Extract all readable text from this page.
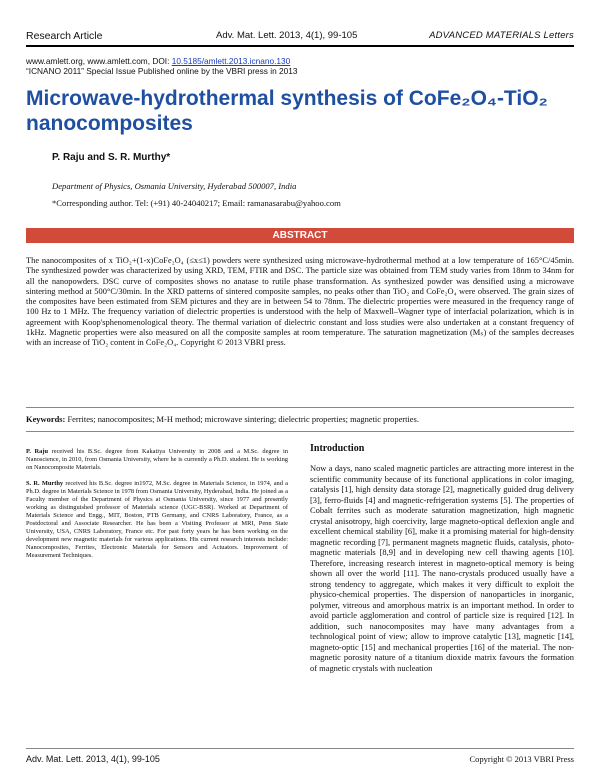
Research Article	Adv. Mat. Lett. 2013, 4(1), 99-105	ADVANCED MATERIALS Letters
www.amlett.org, www.amlett.com, DOI: 10.5185/amlett.2013.icnano.130
“ICNANO 2011” Special Issue Published online by the VBRI press in 2013
Microwave-hydrothermal synthesis of CoFe₂O₄-TiO₂ nanocomposites
P. Raju and S. R. Murthy*
Department of Physics, Osmania University, Hyderabad 500007, India
*Corresponding author. Tel: (+91) 40-24040217; Email: ramanasarabu@yahoo.com
ABSTRACT
The nanocomposites of x TiO₂+(1-x)CoFe₂O₄ (≤x≤1) powders were synthesized using microwave-hydrothermal method at a low temperature of 165°C/45min. The synthesized powder was characterized by using XRD, TEM, FTIR and DSC. The particle size was obtained from TEM study varies from 18nm to 34nm for all the nanopowders. DSC curve of composites shows no anatase to rutile phase transformation. As synthesized powder was densified using a microwave sintering method at 500°C/30min. In the XRD patterns of sintered composite samples, no peaks other than TiO₂ and CoFe₂O₄ were observed. The grain sizes of the composites have been estimated from SEM pictures and they are in between 54 to 78nm. The dielectric properties were measured in the frequency range of 100 Hz to 1 MHz. The frequency variation of dielectric properties is understood with the help of Maxwell–Wagner type of interfacial polarization, which is in agreement with Koop'sphenomenological theory. The thermal variation of dielectric constant and loss studies were also undertaken at a constant frequency of 1kHz. Magnetic properties were also measured on all the composite samples at room temperature. The saturation magnetization (Mₛ) of the samples decreases with an increase of TiO₂ content in CoFe₂O₄. Copyright © 2013 VBRI press.
Keywords: Ferrites; nanocomposites; M-H method; microwave sintering; dielectric properties; magnetic properties.

P. Raju received his B.Sc. degree from Kakatiya University in 2008 and a M.Sc. degree in Nanoscience, in 2010, from Osmania University, where he is currently a Ph.D. student. He is working on Nanocomposite Materials.

S. R. Murthy received his B.Sc. degree in1972, M.Sc. degree in Materials Science, in 1974, and a Ph.D. degree in Materials Science in 1978 from Osmania University, Hyderabad, India. He joined as a Faculty member of the Department of Physics at Osmania University, since 1977 and presently working as distinguished professor of Materials science (UGC-BSR). Worked at Department of Materials Science and Engg., MIT, Boston, PTB Germany, and CNRS Laboratory, France, as a Postdoctoral and Associate Researcher. He has been a Visiting Professor at MRI, Penn State University, USA, CNRS Laboratory, France etc. For past forty years he has been working on the development new magnetic materials for various applications. His current research interests include: Nanocomposites, Ferrites, Electronic Materials for Sensors and Actuators. Improvement of Measurement Techniques.

Introduction
Now a days, nano scaled magnetic particles are attracting more interest in the scientific community because of its functional applications in color imaging, catalysis [1], high density data storage [2], magnetically guided drug delivery [3], ferro-fluids [4] and magnetic-refrigeration systems [5]. The properties of Cobalt ferrites such as moderate saturation magnetization, high magnetic crystal anisotropy, high coercivity, large magneto-optical deflexion angle and excellent chemical stability [6], make it a promising material for high-density magnetic recording [7], permanent magnets magnetic fluids, catalysis, photo- magnetic materials [8,9] and in developing new cell thawing agents [10]. Therefore, increasing research interest in magneto-optical memory is being shown all over the world [11]. The nano-crystals produced usually have a strong tendency to aggregate, which makes it very difficult to exploit the physico-chemical properties. The dispersion of nanoparticles in inorganic, polymer, vitreous and amorphous matrix is an important method. In order to avoid particle agglomeration and control of particle size is required [12]. In addition, such nanocomposites may have many advantages from a technological point of view; allow to improve catalytic [13], magnetic [14], magneto-optic [15] and mechanical properties [16] of the material. The non-magnetic porosity nature of a titanium dioxide matrix favours the formation of magnetic crystals with nucleation
Adv. Mat. Lett. 2013, 4(1), 99-105	Copyright © 2013 VBRI Press
